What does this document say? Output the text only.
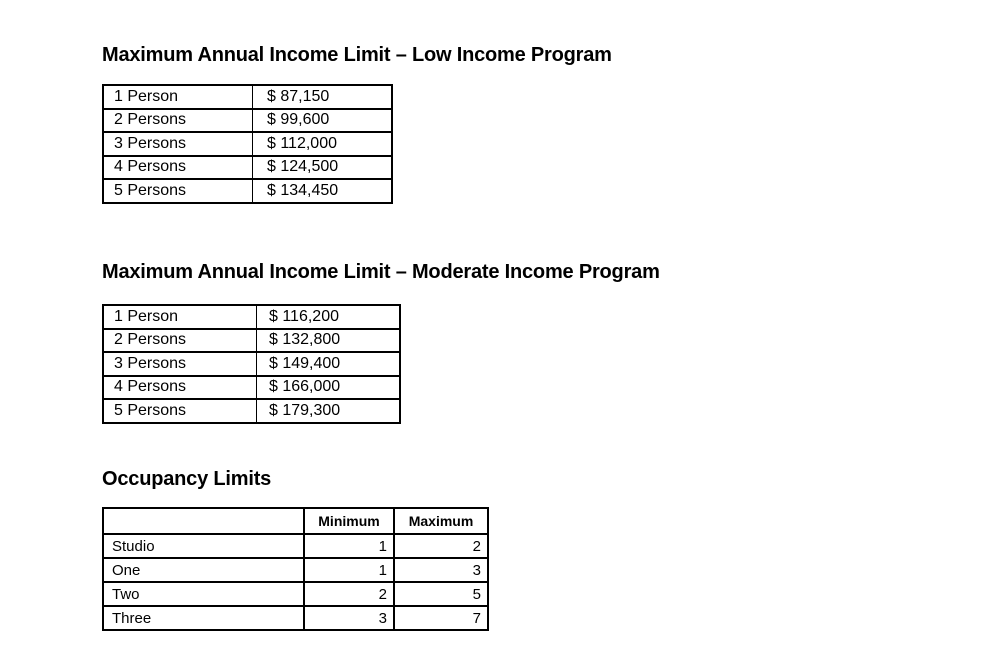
Maximum Annual Income Limit – Low Income Program
1 Person	$ 87,150
2 Persons	$ 99,600
3 Persons	$ 112,000
4 Persons	$ 124,500
5 Persons	$ 134,450
Maximum Annual Income Limit – Moderate Income Program
1 Person	$ 116,200
2 Persons	$ 132,800
3 Persons	$ 149,400
4 Persons	$ 166,000
5 Persons	$ 179,300
Occupancy Limits
	Minimum	Maximum
Studio	1	2
One	1	3
Two	2	5
Three	3	7
